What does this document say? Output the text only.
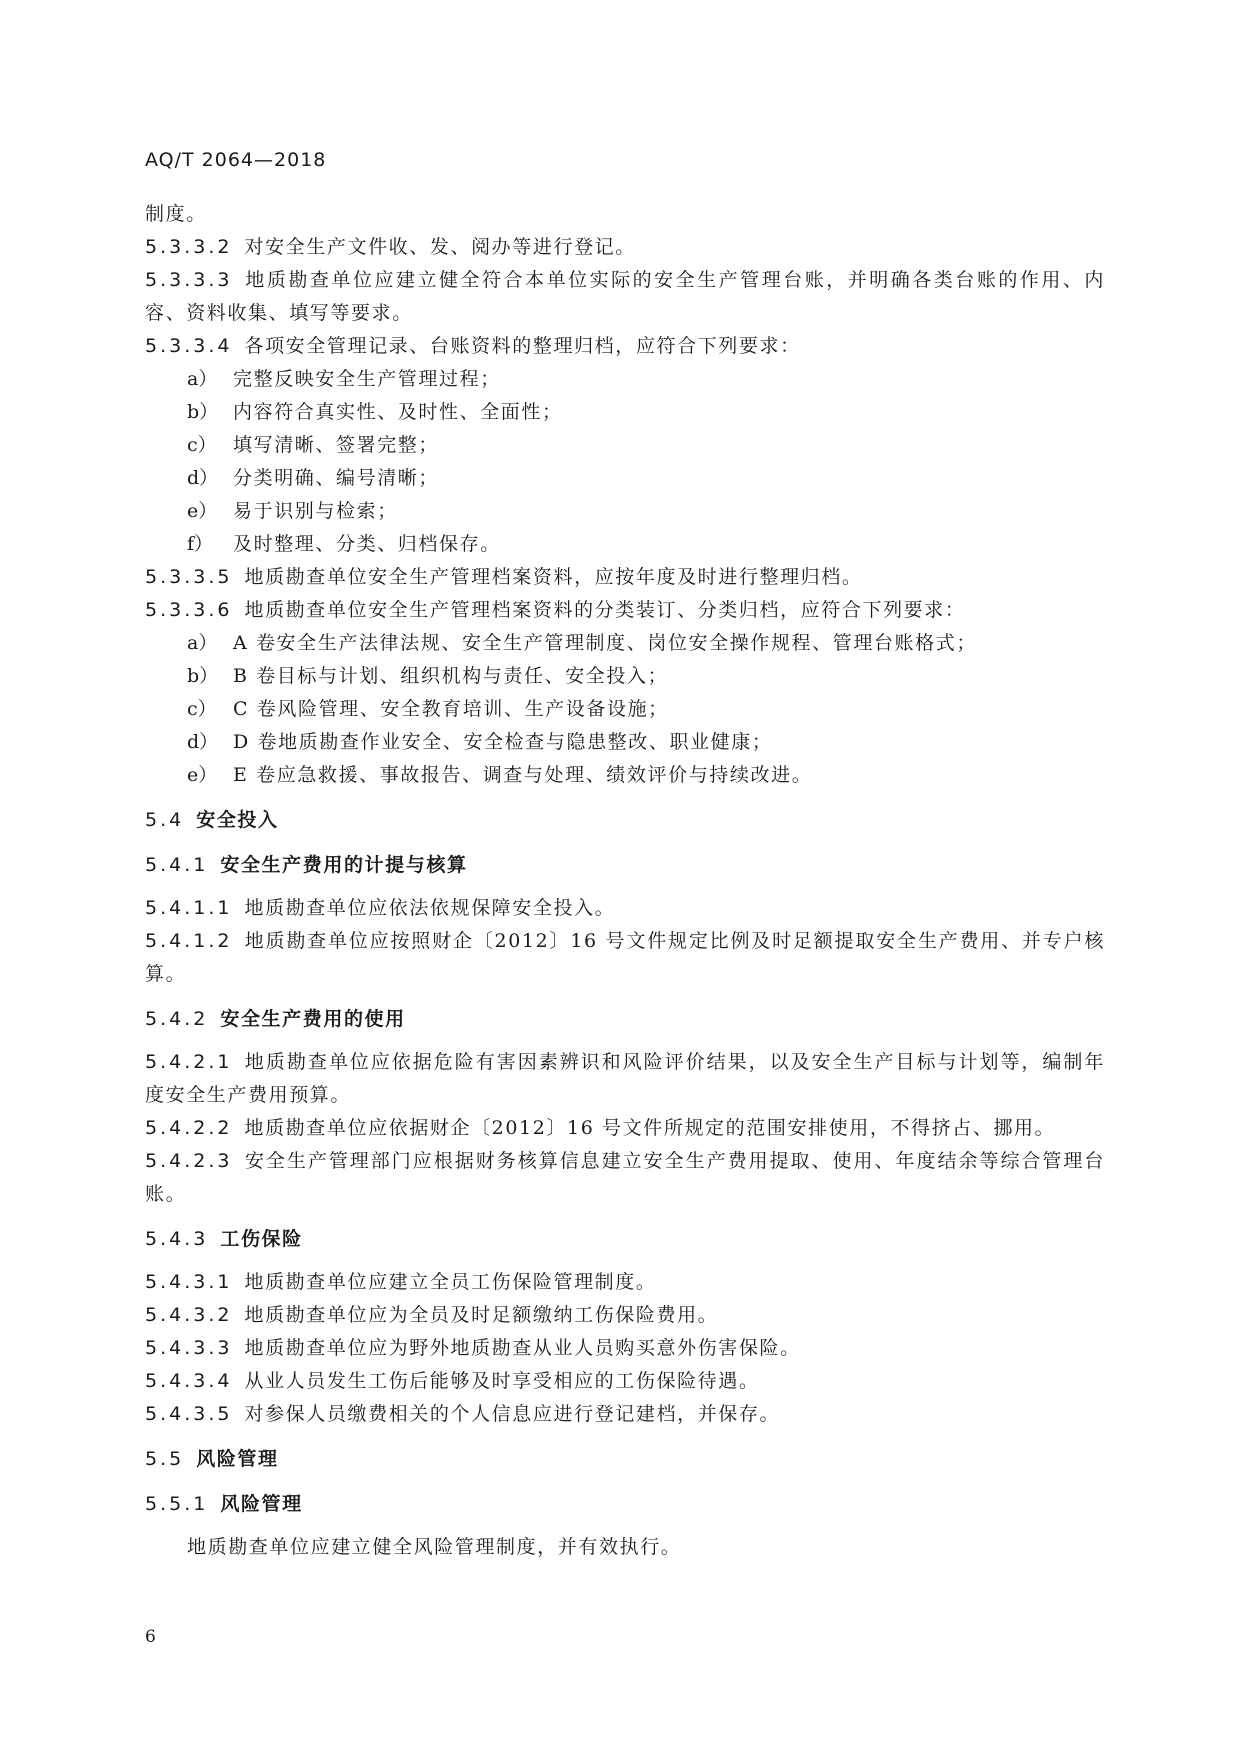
AQ/T 2064—2018
制度。
5.3.3.2 对安全生产文件收、发、阅办等进行登记。
5.3.3.3 地质勘查单位应建立健全符合本单位实际的安全生产管理台账，并明确各类台账的作用、内容、资料收集、填写等要求。
5.3.3.4 各项安全管理记录、台账资料的整理归档，应符合下列要求：
a） 完整反映安全生产管理过程；
b） 内容符合真实性、及时性、全面性；
c） 填写清晰、签署完整；
d） 分类明确、编号清晰；
e） 易于识别与检索；
f） 及时整理、分类、归档保存。
5.3.3.5 地质勘查单位安全生产管理档案资料，应按年度及时进行整理归档。
5.3.3.6 地质勘查单位安全生产管理档案资料的分类装订、分类归档，应符合下列要求：
a） A 卷安全生产法律法规、安全生产管理制度、岗位安全操作规程、管理台账格式；
b） B 卷目标与计划、组织机构与责任、安全投入；
c） C 卷风险管理、安全教育培训、生产设备设施；
d） D 卷地质勘查作业安全、安全检查与隐患整改、职业健康；
e） E 卷应急救援、事故报告、调查与处理、绩效评价与持续改进。
5.4 安全投入
5.4.1 安全生产费用的计提与核算
5.4.1.1 地质勘查单位应依法依规保障安全投入。
5.4.1.2 地质勘查单位应按照财企〔2012〕16 号文件规定比例及时足额提取安全生产费用、并专户核算。
5.4.2 安全生产费用的使用
5.4.2.1 地质勘查单位应依据危险有害因素辨识和风险评价结果，以及安全生产目标与计划等，编制年度安全生产费用预算。
5.4.2.2 地质勘查单位应依据财企〔2012〕16 号文件所规定的范围安排使用，不得挤占、挪用。
5.4.2.3 安全生产管理部门应根据财务核算信息建立安全生产费用提取、使用、年度结余等综合管理台账。
5.4.3 工伤保险
5.4.3.1 地质勘查单位应建立全员工伤保险管理制度。
5.4.3.2 地质勘查单位应为全员及时足额缴纳工伤保险费用。
5.4.3.3 地质勘查单位应为野外地质勘查从业人员购买意外伤害保险。
5.4.3.4 从业人员发生工伤后能够及时享受相应的工伤保险待遇。
5.4.3.5 对参保人员缴费相关的个人信息应进行登记建档，并保存。
5.5 风险管理
5.5.1 风险管理
地质勘查单位应建立健全风险管理制度，并有效执行。
6
